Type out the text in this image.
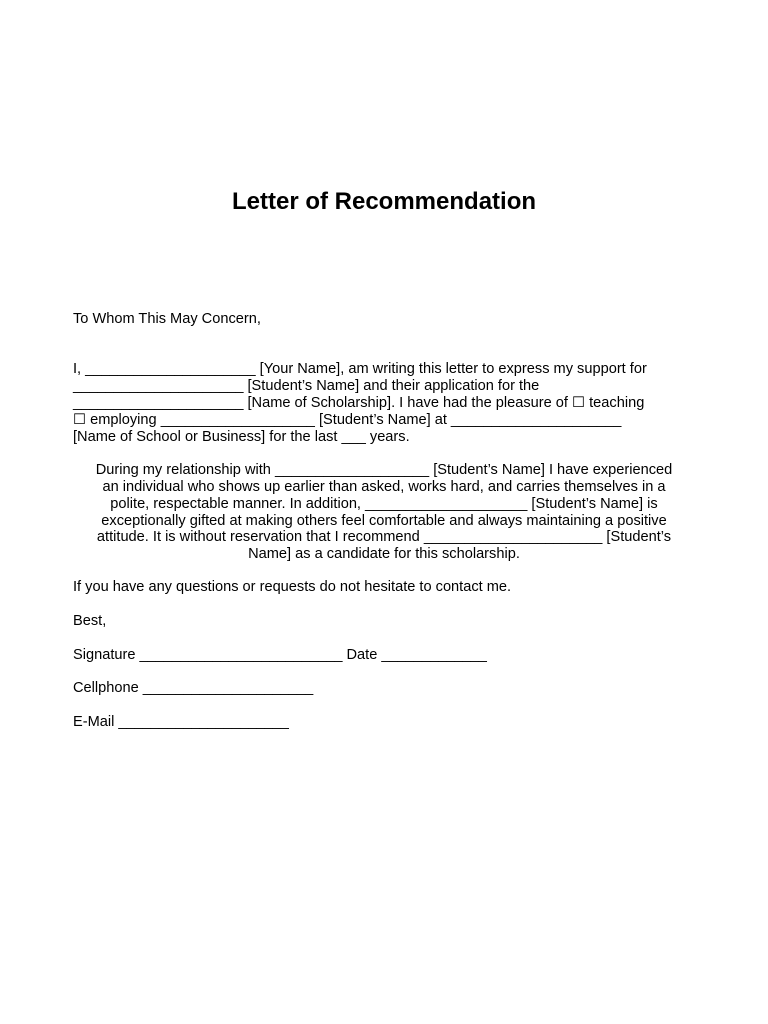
Letter of Recommendation
To Whom This May Concern,
I, _____________________ [Your Name], am writing this letter to express my support for
_____________________ [Student’s Name] and their application for the
_____________________ [Name of Scholarship]. I have had the pleasure of ☐ teaching
☐ employing ___________________ [Student’s Name] at _____________________
[Name of School or Business] for the last ___ years.
During my relationship with ___________________ [Student’s Name] I have experienced
an individual who shows up earlier than asked, works hard, and carries themselves in a
polite, respectable manner. In addition, ____________________ [Student’s Name] is
exceptionally gifted at making others feel comfortable and always maintaining a positive
attitude. It is without reservation that I recommend ______________________ [Student’s
Name] as a candidate for this scholarship.
If you have any questions or requests do not hesitate to contact me.
Best,
Signature _________________________ Date _____________
Cellphone _____________________
E-Mail _____________________
